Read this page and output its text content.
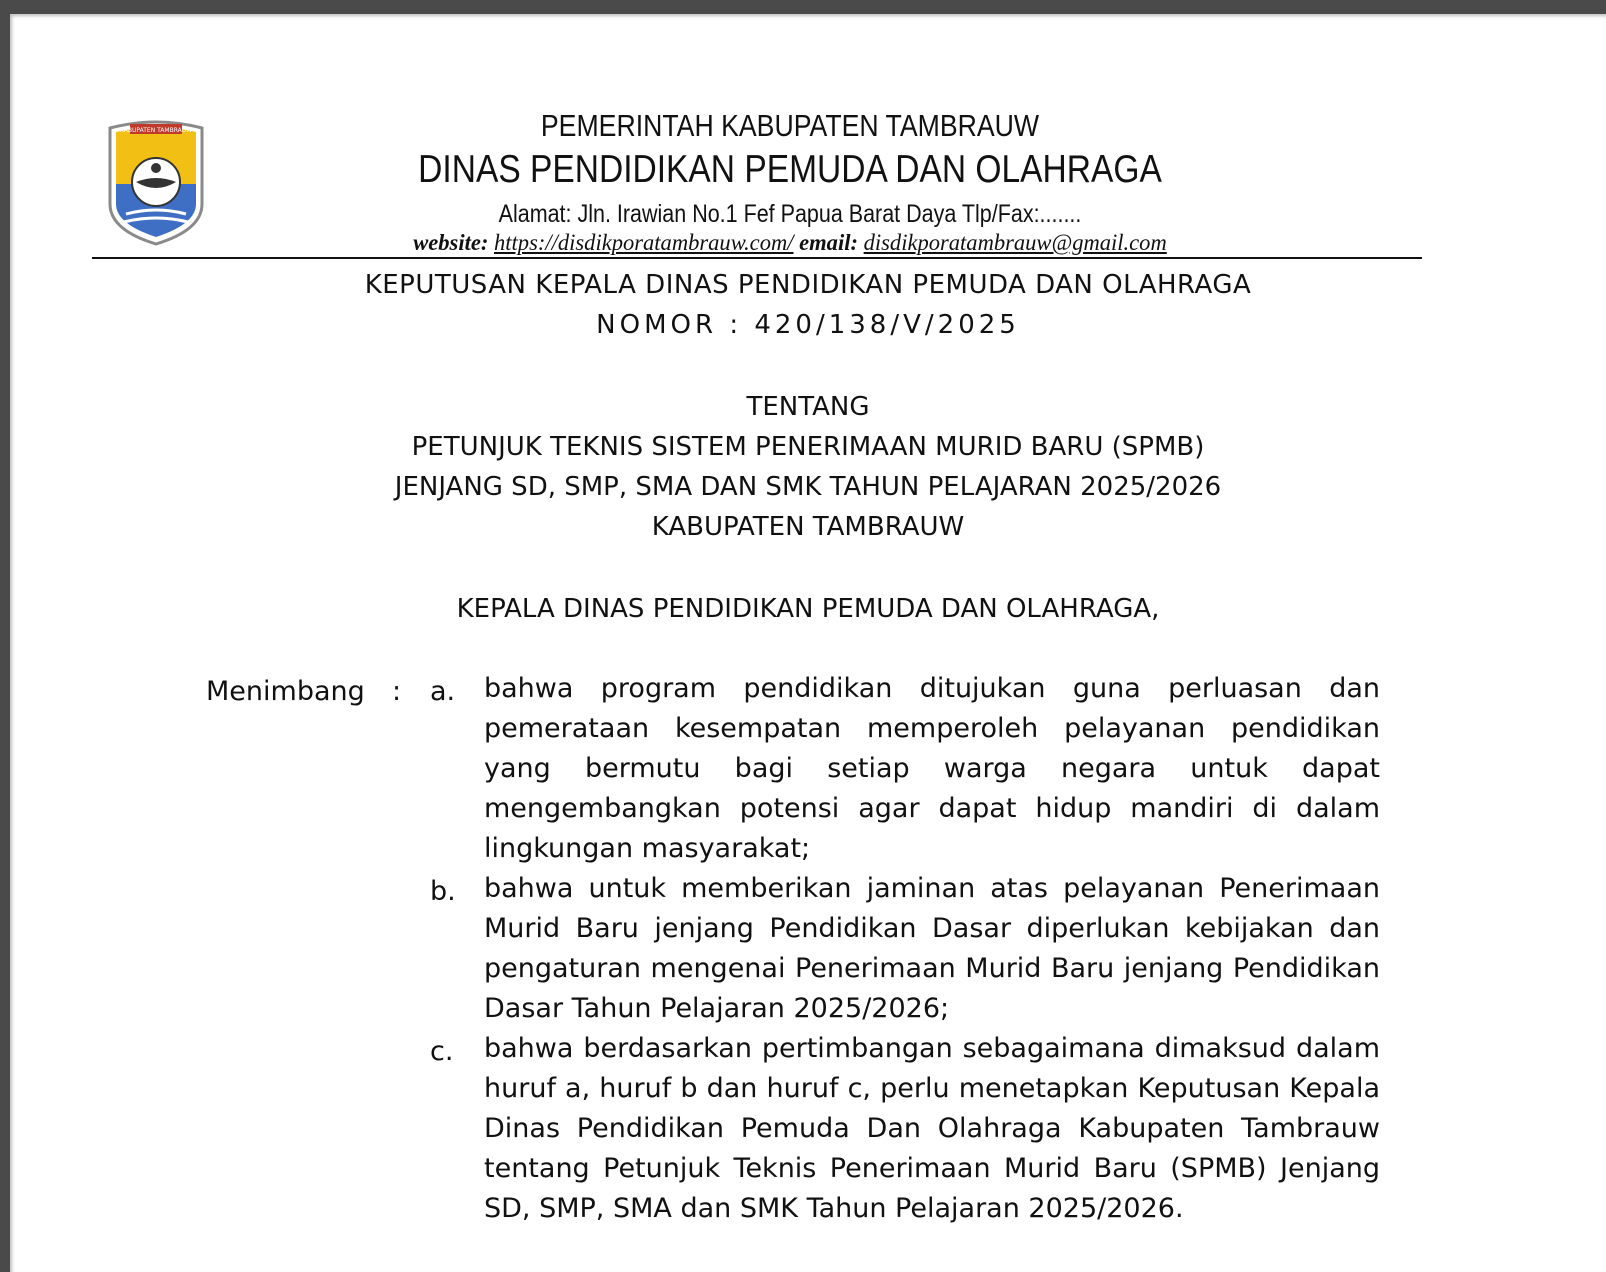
KABUPATEN TAMBRAUW	PEMERINTAH KABUPATEN TAMBRAUW
DINAS PENDIDIKAN PEMUDA DAN OLAHRAGA
Alamat: Jln. Irawian No.1 Fef Papua Barat Daya Tlp/Fax:.......
website: https://disdikporatambrauw.com/ email: disdikporatambrauw@gmail.com
KEPUTUSAN KEPALA DINAS PENDIDIKAN PEMUDA DAN OLAHRAGA
NOMOR : 420/138/V/2025
TENTANG
PETUNJUK TEKNIS SISTEM PENERIMAAN MURID BARU (SPMB)
JENJANG SD, SMP, SMA DAN SMK TAHUN PELAJARAN 2025/2026
KABUPATEN TAMBRAUW
KEPALA DINAS PENDIDIKAN PEMUDA DAN OLAHRAGA,
Menimbang : a.	bahwa program pendidikan ditujukan guna perluasan dan pemerataan kesempatan memperoleh pelayanan pendidikan yang bermutu bagi setiap warga negara untuk dapat mengembangkan potensi agar dapat hidup mandiri di dalam lingkungan masyarakat;
b.	bahwa untuk memberikan jaminan atas pelayanan Penerimaan Murid Baru jenjang Pendidikan Dasar diperlukan kebijakan dan pengaturan mengenai Penerimaan Murid Baru jenjang Pendidikan Dasar Tahun Pelajaran 2025/2026;
c.	bahwa berdasarkan pertimbangan sebagaimana dimaksud dalam huruf a, huruf b dan huruf c, perlu menetapkan Keputusan Kepala Dinas Pendidikan Pemuda Dan Olahraga Kabupaten Tambrauw tentang Petunjuk Teknis Penerimaan Murid Baru (SPMB) Jenjang SD, SMP, SMA dan SMK Tahun Pelajaran 2025/2026.
